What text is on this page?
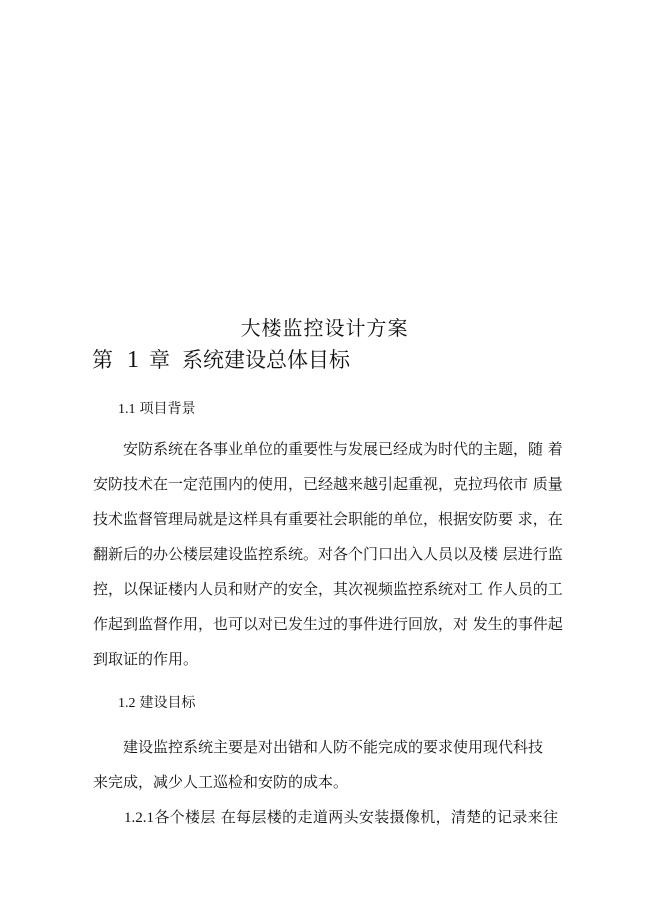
大楼监控设计方案
第 1 章 系统建设总体目标
1.1 项目背景
安防系统在各事业单位的重要性与发展已经成为时代的主题，随 着
安防技术在一定范围内的使用，已经越来越引起重视，克拉玛依市 质量
技术监督管理局就是这样具有重要社会职能的单位，根据安防要 求，在
翻新后的办公楼层建设监控系统。对各个门口出入人员以及楼 层进行监
控，以保证楼内人员和财产的安全，其次视频监控系统对工 作人员的工
作起到监督作用，也可以对已发生过的事件进行回放，对 发生的事件起
到取证的作用。
1.2 建设目标
建设监控系统主要是对出错和人防不能完成的要求使用现代科技
来完成，减少人工巡检和安防的成本。
1.2.1各个楼层 在每层楼的走道两头安装摄像机，清楚的记录来往
